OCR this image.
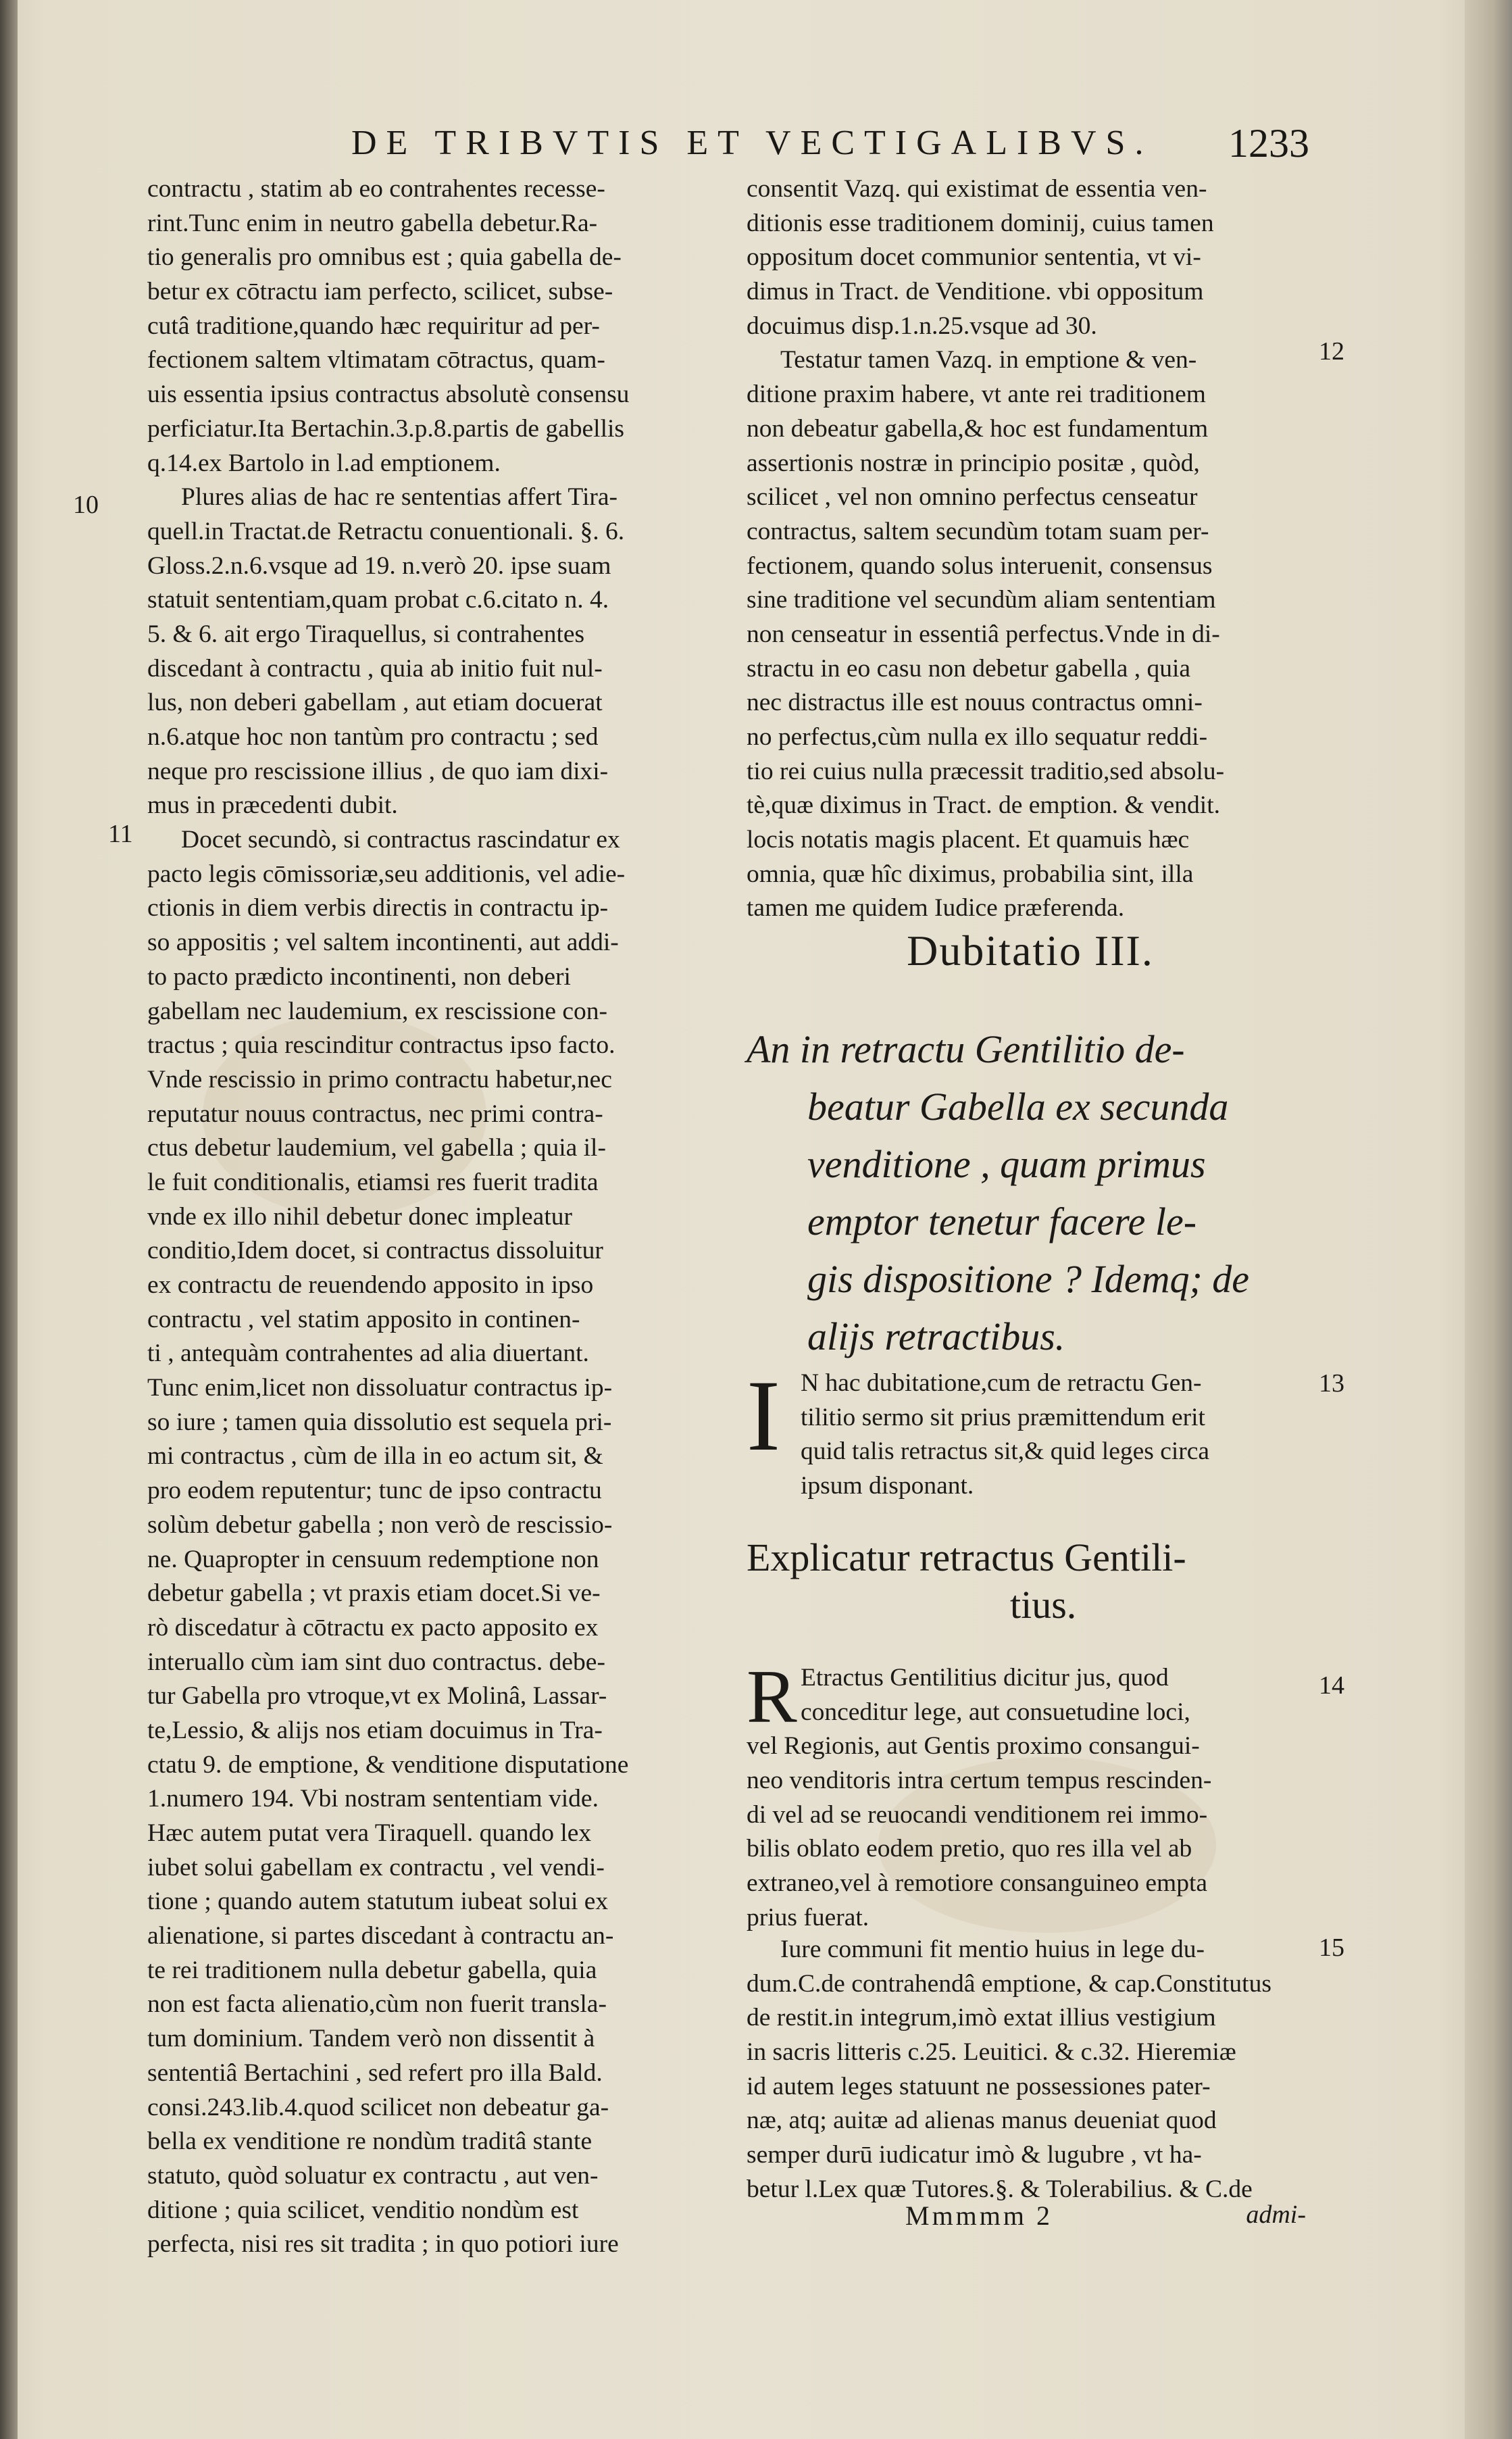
DE TRIBVTIS ET VECTIGALIBVS.	1233
contractu , statim ab eo contrahentes recesse-
rint.Tunc enim in neutro gabella debetur.Ra-
tio generalis pro omnibus est ; quia gabella de-
betur ex cōtractu iam perfecto, scilicet, subse-
cutâ traditione,quando hæc requiritur ad per-
fectionem saltem vltimatam cōtractus, quam-
uis essentia ipsius contractus absolutè consensu
perficiatur.Ita Bertachin.3.p.8.partis de gabellis
q.14.ex Bartolo in l.ad emptionem.
Plures alias de hac re sententias affert Tira-
quell.in Tractat.de Retractu conuentionali. §. 6.
Gloss.2.n.6.vsque ad 19. n.verò 20. ipse suam
statuit sententiam,quam probat c.6.citato n. 4.
5. & 6. ait ergo Tiraquellus, si contrahentes
discedant à contractu , quia ab initio fuit nul-
lus, non deberi gabellam , aut etiam docuerat
n.6.atque hoc non tantùm pro contractu ; sed
neque pro rescissione illius , de quo iam dixi-
mus in præcedenti dubit.
Docet secundò, si contractus rascindatur ex
pacto legis cōmissoriæ,seu additionis, vel adie-
ctionis in diem verbis directis in contractu ip-
so appositis ; vel saltem incontinenti, aut addi-
to pacto prædicto incontinenti, non deberi
gabellam nec laudemium, ex rescissione con-
tractus ; quia rescinditur contractus ipso facto.
Vnde rescissio in primo contractu habetur,nec
reputatur nouus contractus, nec primi contra-
ctus debetur laudemium, vel gabella ; quia il-
le fuit conditionalis, etiamsi res fuerit tradita
vnde ex illo nihil debetur donec impleatur
conditio,Idem docet, si contractus dissoluitur
ex contractu de reuendendo apposito in ipso
contractu , vel statim apposito in continen-
ti , antequàm contrahentes ad alia diuertant.
Tunc enim,licet non dissoluatur contractus ip-
so iure ; tamen quia dissolutio est sequela pri-
mi contractus , cùm de illa in eo actum sit, &
pro eodem reputentur; tunc de ipso contractu
solùm debetur gabella ; non verò de rescissio-
ne. Quapropter in censuum redemptione non
debetur gabella ; vt praxis etiam docet.Si ve-
rò discedatur à cōtractu ex pacto apposito ex
interuallo cùm iam sint duo contractus. debe-
tur Gabella pro vtroque,vt ex Molinâ, Lassar-
te,Lessio, & alijs nos etiam docuimus in Tra-
ctatu 9. de emptione, & venditione disputatione
1.numero 194. Vbi nostram sententiam vide.
Hæc autem putat vera Tiraquell. quando lex
iubet solui gabellam ex contractu , vel vendi-
tione ; quando autem statutum iubeat solui ex
alienatione, si partes discedant à contractu an-
te rei traditionem nulla debetur gabella, quia
non est facta alienatio,cùm non fuerit transla-
tum dominium. Tandem verò non dissentit à
sententiâ Bertachini , sed refert pro illa Bald.
consi.243.lib.4.quod scilicet non debeatur ga-
bella ex venditione re nondùm traditâ stante
statuto, quòd soluatur ex contractu , aut ven-
ditione ; quia scilicet, venditio nondùm est
perfecta, nisi res sit tradita ; in quo potiori iure
consentit Vazq. qui existimat de essentia ven-
ditionis esse traditionem dominij, cuius tamen
oppositum docet communior sententia, vt vi-
dimus in Tract. de Venditione. vbi oppositum
docuimus disp.1.n.25.vsque ad 30.
Testatur tamen Vazq. in emptione & ven-
ditione praxim habere, vt ante rei traditionem
non debeatur gabella,& hoc est fundamentum
assertionis nostræ in principio positæ , quòd,
scilicet , vel non omnino perfectus censeatur
contractus, saltem secundùm totam suam per-
fectionem, quando solus interuenit, consensus
sine traditione vel secundùm aliam sententiam
non censeatur in essentiâ perfectus.Vnde in di-
stractu in eo casu non debetur gabella , quia
nec distractus ille est nouus contractus omni-
no perfectus,cùm nulla ex illo sequatur reddi-
tio rei cuius nulla præcessit traditio,sed absolu-
tè,quæ diximus in Tract. de emption. & vendit.
locis notatis magis placent. Et quamuis hæc
omnia, quæ hîc diximus, probabilia sint, illa
tamen me quidem Iudice præferenda.
Dubitatio III.
An in retractu Gentilitio de-
beatur Gabella ex secunda
venditione , quam primus
emptor tenetur facere le-
gis dispositione ? Idemq; de
alijs retractibus.
I N hac dubitatione,cum de retractu Gen-
tilitio sermo sit prius præmittendum erit
quid talis retractus sit,& quid leges circa
ipsum disponant.
Explicatur retractus Gentili-
tius.
R Etractus Gentilitius dicitur jus, quod
conceditur lege, aut consuetudine loci,
vel Regionis, aut Gentis proximo consangui-
neo venditoris intra certum tempus rescinden-
di vel ad se reuocandi venditionem rei immo-
bilis oblato eodem pretio, quo res illa vel ab
extraneo,vel à remotiore consanguineo empta
prius fuerat.
Iure communi fit mentio huius in lege du-
dum.C.de contrahendâ emptione, & cap.Constitutus
de restit.in integrum,imò extat illius vestigium
in sacris litteris c.25. Leuitici. & c.32. Hieremiæ
id autem leges statuunt ne possessiones pater-
næ, atq; auitæ ad alienas manus deueniat quod
semper durū iudicatur imò & lugubre , vt ha-
betur l.Lex quæ Tutores.§. & Tolerabilius. & C.de
10
11
12
13
14
15
Mmmmm 2	admi-
